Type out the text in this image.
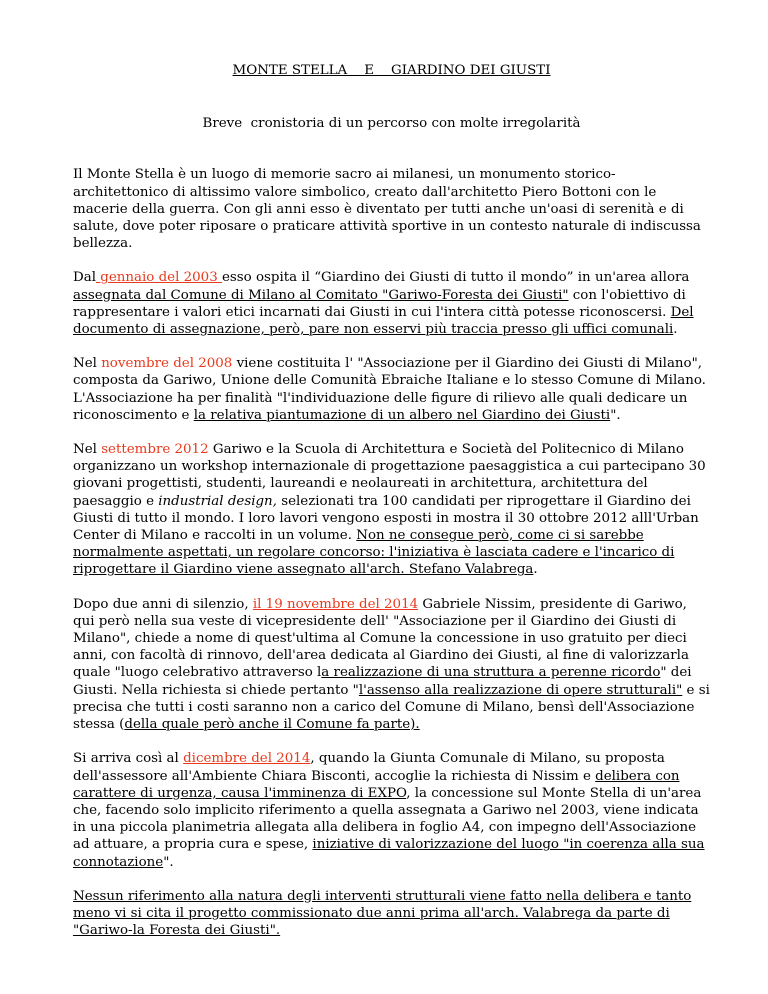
MONTE STELLA    E    GIARDINO DEI GIUSTI
Breve  cronistoria di un percorso con molte irregolarità

Il Monte Stella è un luogo di memorie sacro ai milanesi, un monumento storico-architettonico di altissimo valore simbolico, creato dall'architetto Piero Bottoni con le macerie della guerra. Con gli anni esso è diventato per tutti anche un'oasi di serenità e di salute, dove poter riposare o praticare attività sportive in un contesto naturale di indiscussa bellezza.

Dal gennaio del 2003 esso ospita il “Giardino dei Giusti di tutto il mondo” in un'area allora assegnata dal Comune di Milano al Comitato "Gariwo-Foresta dei Giusti" con l'obiettivo di rappresentare i valori etici incarnati dai Giusti in cui l'intera città potesse riconoscersi. Del documento di assegnazione, però, pare non esservi più traccia presso gli uffici comunali.

Nel novembre del 2008 viene costituita l' "Associazione per il Giardino dei Giusti di Milano", composta da Gariwo, Unione delle Comunità Ebraiche Italiane e lo stesso Comune di Milano. L'Associazione ha per finalità "l'individuazione delle figure di rilievo alle quali dedicare un riconoscimento e la relativa piantumazione di un albero nel Giardino dei Giusti".

Nel settembre 2012 Gariwo e la Scuola di Architettura e Società del Politecnico di Milano organizzano un workshop internazionale di progettazione paesaggistica a cui partecipano 30 giovani progettisti, studenti, laureandi e neolaureati in architettura, architettura del paesaggio e industrial design, selezionati tra 100 candidati per riprogettare il Giardino dei Giusti di tutto il mondo. I loro lavori vengono esposti in mostra il 30 ottobre 2012 alll'Urban Center di Milano e raccolti in un volume. Non ne consegue però, come ci si sarebbe normalmente aspettati, un regolare concorso: l'iniziativa è lasciata cadere e l'incarico di riprogettare il Giardino viene assegnato all'arch. Stefano Valabrega.

Dopo due anni di silenzio, il 19 novembre del 2014 Gabriele Nissim, presidente di Gariwo, qui però nella sua veste di vicepresidente dell' "Associazione per il Giardino dei Giusti di Milano", chiede a nome di quest'ultima al Comune la concessione in uso gratuito per dieci anni, con facoltà di rinnovo, dell'area dedicata al Giardino dei Giusti, al fine di valorizzarla quale "luogo celebrativo attraverso la realizzazione di una struttura a perenne ricordo" dei Giusti. Nella richiesta si chiede pertanto "l'assenso alla realizzazione di opere strutturali" e si precisa che tutti i costi saranno non a carico del Comune di Milano, bensì dell'Associazione stessa (della quale però anche il Comune fa parte).

Si arriva così al dicembre del 2014, quando la Giunta Comunale di Milano, su proposta dell'assessore all'Ambiente Chiara Bisconti, accoglie la richiesta di Nissim e delibera con carattere di urgenza, causa l'imminenza di EXPO, la concessione sul Monte Stella di un'area che, facendo solo implicito riferimento a quella assegnata a Gariwo nel 2003, viene indicata in una piccola planimetria allegata alla delibera in foglio A4, con impegno dell'Associazione ad attuare, a propria cura e spese, iniziative di valorizzazione del luogo "in coerenza alla sua connotazione".

Nessun riferimento alla natura degli interventi strutturali viene fatto nella delibera e tanto meno vi si cita il progetto commissionato due anni prima all'arch. Valabrega da parte di "Gariwo-la Foresta dei Giusti".
